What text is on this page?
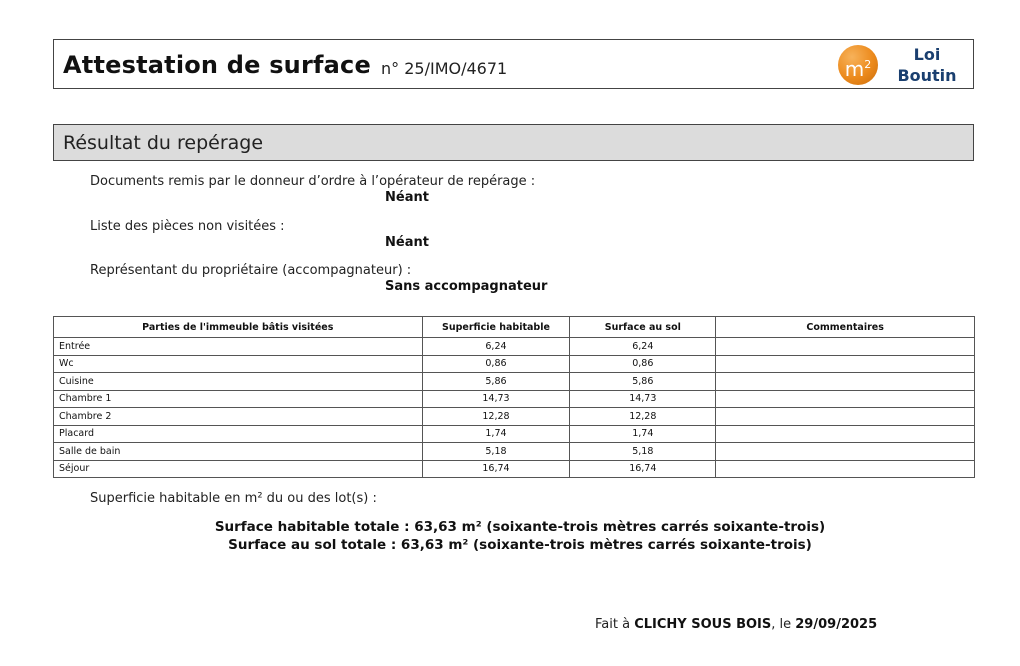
Attestation de surface n° 25/IMO/4671	$m^2$
Loi
Boutin
Résultat du repérage
Documents remis par le donneur d’ordre à l’opérateur de repérage :
Néant
Liste des pièces non visitées :
Néant
Représentant du propriétaire (accompagnateur) :
Sans accompagnateur
Parties de l'immeuble bâtis visitées	Superficie habitable	Surface au sol	Commentaires
Entrée	6,24	6,24	
Wc	0,86	0,86	
Cuisine	5,86	5,86	
Chambre 1	14,73	14,73	
Chambre 2	12,28	12,28	
Placard	1,74	1,74	
Salle de bain	5,18	5,18	
Séjour	16,74	16,74	
Superficie habitable en m² du ou des lot(s) :
Surface habitable totale : 63,63 m² (soixante-trois mètres carrés soixante-trois)
Surface au sol totale : 63,63 m² (soixante-trois mètres carrés soixante-trois)
Fait à CLICHY SOUS BOIS, le 29/09/2025
